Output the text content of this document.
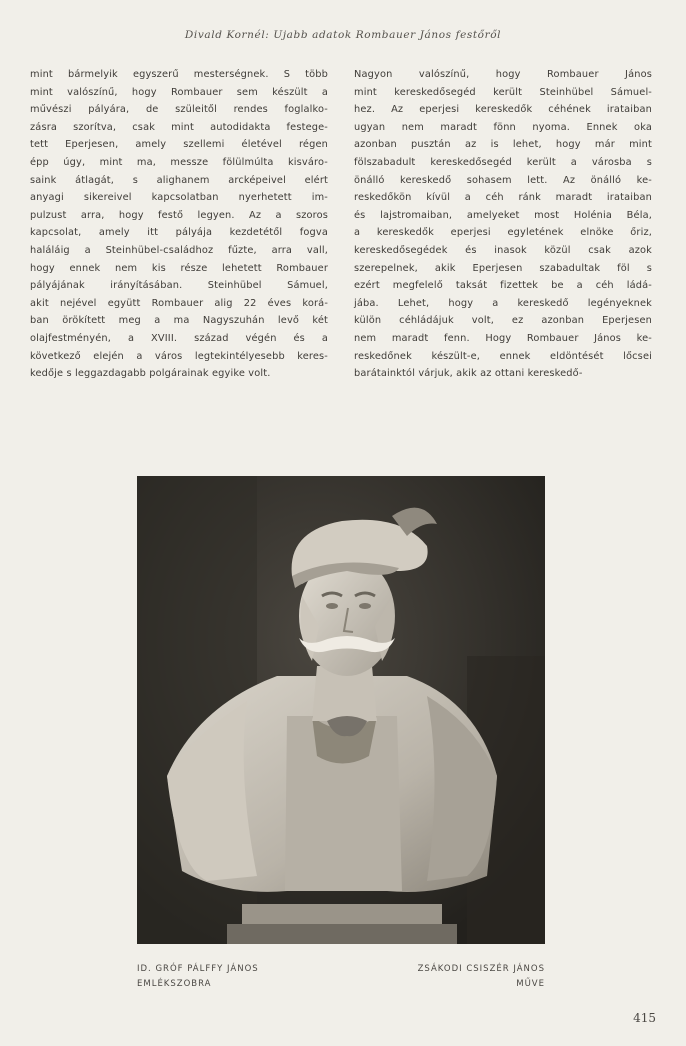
Divald Kornél: Ujabb adatok Rombauer János festőről
mint bármelyik egyszerű mesterségnek. S több
mint valószínű, hogy Rombauer sem készült a
művészi pályára, de szüleitől rendes foglalko-
zásra szorítva, csak mint autodidakta festege-
tett Eperjesen, amely szellemi életével régen
épp úgy, mint ma, messze fölülmúlta kisváro-
saink átlagát, s alighanem arcképeivel elért
anyagi sikereivel kapcsolatban nyerhetett im-
pulzust arra, hogy festő legyen. Az a szoros
kapcsolat, amely itt pályája kezdetétől fogva
haláláig a Steinhübel-családhoz fűzte, arra vall,
hogy ennek nem kis része lehetett Rombauer
pályájának irányításában. Steinhübel Sámuel,
akit nejével együtt Rombauer alig 22 éves korá-
ban örökített meg a ma Nagyszuhán levő két
olajfestményén, a XVIII. század végén és a
következő elején a város legtekintélyesebb keres-
kedője s leggazdagabb polgárainak egyike volt.
Nagyon valószínű, hogy Rombauer János
mint kereskedősegéd került Steinhübel Sámuel-
hez. Az eperjesi kereskedők céhének irataiban
ugyan nem maradt fönn nyoma. Ennek oka
azonban pusztán az is lehet, hogy már mint
fölszabadult kereskedősegéd került a városba s
önálló kereskedő sohasem lett. Az önálló ke-
reskedőkön kívül a céh ránk maradt irataiban
és lajstromaiban, amelyeket most Holénia Béla,
a kereskedők eperjesi egyletének elnöke őriz,
kereskedősegédek és inasok közül csak azok
szerepelnek, akik Eperjesen szabadultak föl s
ezért megfelelő taksát fizettek be a céh ládá-
jába. Lehet, hogy a kereskedő legényeknek
külön céhládájuk volt, ez azonban Eperjesen
nem maradt fenn. Hogy Rombauer János ke-
reskedőnek készült-e, ennek eldöntését lőcsei
barátainktól várjuk, akik az ottani kereskedő-
ID. GRÓF PÁLFFY JÁNOS
EMLÉKSZOBRA
ZSÁKODI CSISZÉR JÁNOS
MŰVE
415
